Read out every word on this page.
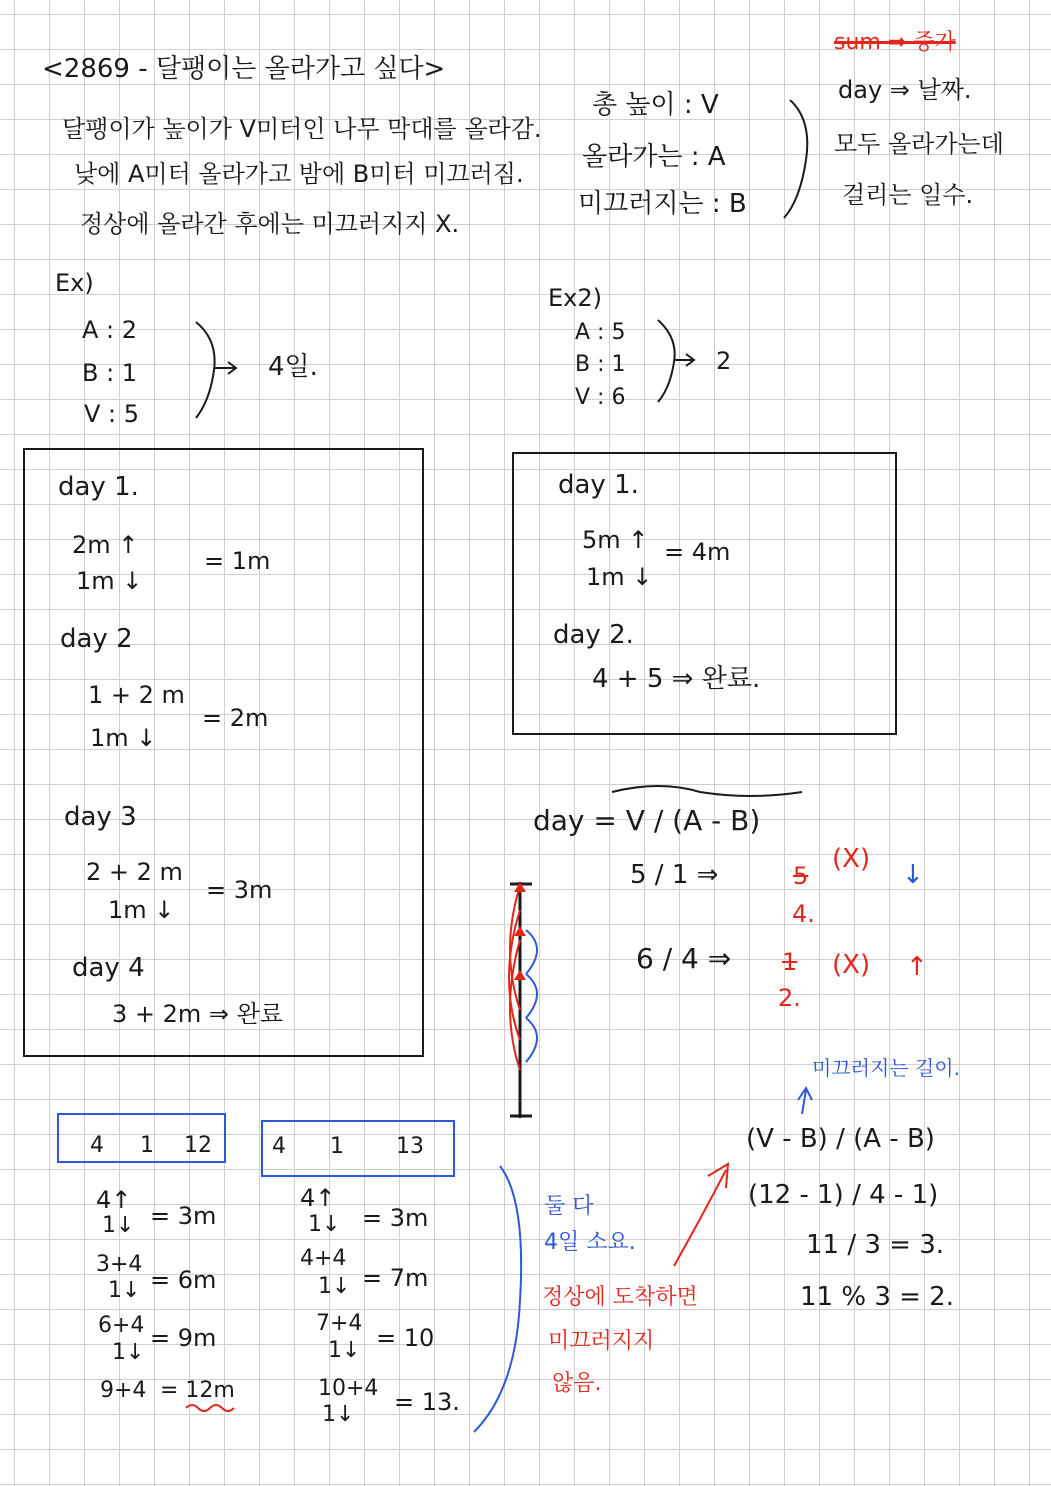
<2869 - 달팽이는 올라가고 싶다>
달팽이가 높이가 V미터인 나무 막대를 올라감.
낮에 A미터 올라가고 밤에 B미터 미끄러짐.
정상에 올라간 후에는 미끄러지지 X.
총 높이 : V
올라가는 : A
미끄러지는 : B
sum ⇒ 증가
day ⇒ 날짜.
모두 올라가는데
걸리는 일수.
Ex)
A : 2
B : 1
V : 5
4일.
Ex2)
A : 5
B : 1
V : 6
2
day 1.
2m ↑
1m ↓
= 1m
day 2
1 + 2 m
1m ↓
= 2m
day 3
2 + 2 m
1m ↓
= 3m
day 4
3 + 2m ⇒ 완료
day 1.
5m ↑
1m ↓
= 4m
day 2.
4 + 5 ⇒ 완료.
day = V / (A - B)
5 / 1 ⇒	5
4.
(X)
↓
6 / 4 ⇒ 1
2.
(X) ↑
4 1 12	4 1 13
4↑
1↓ = 3m
3+4
1↓ = 6m
6+4
1↓
= 9m
9+4 = 12m
4↑
1↓ = 3m
4+4
1↓ = 7m
7+4
1↓ = 10
10+4
1↓ = 13.
둘 다
4일 소요.
정상에 도착하면
미끄러지지
않음.
미끄러지는 길이.
(V - B) / (A - B)
(12 - 1) / 4 - 1)
11 / 3 = 3.
11 % 3 = 2.
